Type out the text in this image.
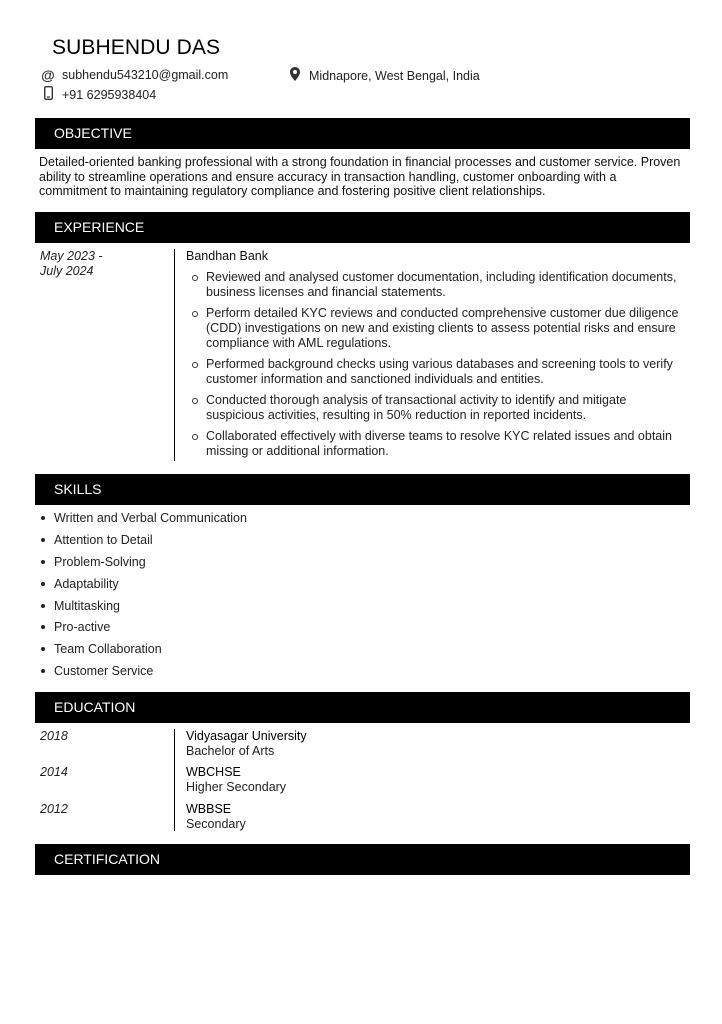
SUBHENDU DAS
@ subhendu543210@gmail.com	Midnapore, West Bengal, India
+91 6295938404
OBJECTIVE
Detailed-oriented banking professional with a strong foundation in financial processes and customer service. Proven ability to streamline operations and ensure accuracy in transaction handling, customer onboarding with a commitment to maintaining regulatory compliance and fostering positive client relationships.
EXPERIENCE
May 2023 -
July 2024
Bandhan Bank
Reviewed and analysed customer documentation, including identification documents, business licenses and financial statements.
Perform detailed KYC reviews and conducted comprehensive customer due diligence (CDD) investigations on new and existing clients to assess potential risks and ensure compliance with AML regulations.
Performed background checks using various databases and screening tools to verify customer information and sanctioned individuals and entities.
Conducted thorough analysis of transactional activity to identify and mitigate suspicious activities, resulting in 50% reduction in reported incidents.
Collaborated effectively with diverse teams to resolve KYC related issues and obtain missing or additional information.
SKILLS
Written and Verbal Communication
Attention to Detail
Problem-Solving
Adaptability
Multitasking
Pro-active
Team Collaboration
Customer Service
EDUCATION
2018	Vidyasagar University
Bachelor of Arts
2014	WBCHSE
Higher Secondary
2012	WBBSE
Secondary
CERTIFICATION
